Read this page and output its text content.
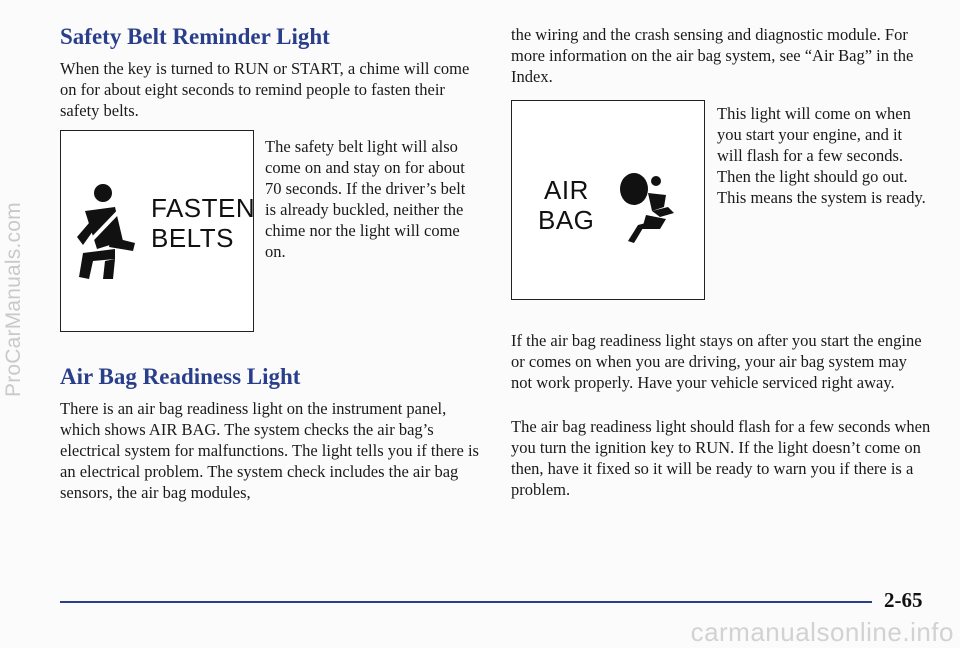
ProCarManuals.com
Safety Belt Reminder Light

When the key is turned to RUN or START, a chime will come on for about eight seconds to remind people to fasten their safety belts.

FASTEN
BELTS

The safety belt light will also come on and stay on for about 70 seconds. If the driver’s belt is already buckled, neither the chime nor the light will come on.

Air Bag Readiness Light

There is an air bag readiness light on the instrument panel, which shows AIR BAG. The system checks the air bag’s electrical system for malfunctions. The light tells you if there is an electrical problem. The system check includes the air bag sensors, the air bag modules,

the wiring and the crash sensing and diagnostic module. For more information on the air bag system, see “Air Bag” in the Index.

AIR
BAG

This light will come on when you start your engine, and it will flash for a few seconds. Then the light should go out. This means the system is ready.

If the air bag readiness light stays on after you start the engine or comes on when you are driving, your air bag system may not work properly. Have your vehicle serviced right away.

The air bag readiness light should flash for a few seconds when you turn the ignition key to RUN. If the light doesn’t come on then, have it fixed so it will be ready to warn you if there is a problem.

2-65
carmanualsonline.info
